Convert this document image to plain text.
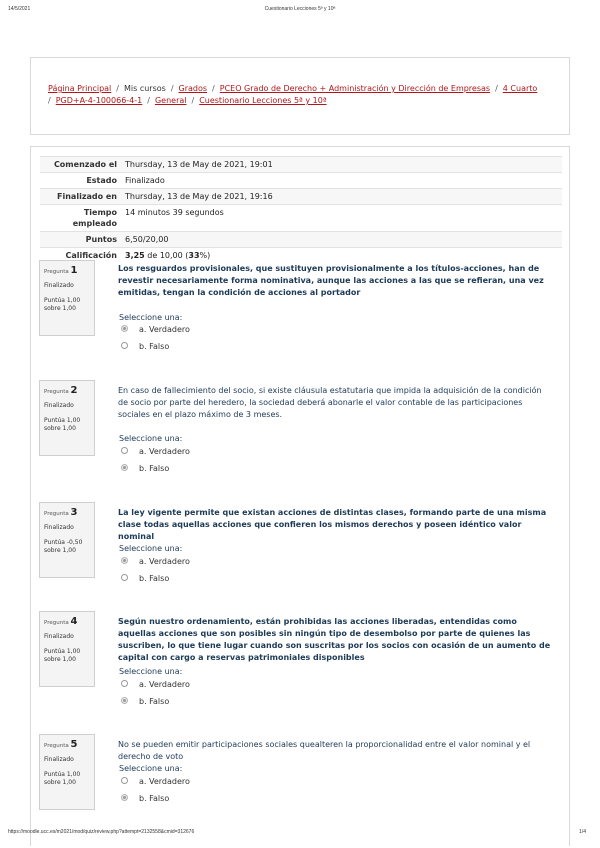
14/5/2021	Cuestionario Lecciones 5ª y 10ª
Página Principal / Mis cursos / Grados / PCEO Grado de Derecho + Administración y Dirección de Empresas / 4 Cuarto
/ PGD+A-4-100066-4-1 / General / Cuestionario Lecciones 5ª y 10ª
Comenzado el	Thursday, 13 de May de 2021, 19:01
Estado	Finalizado
Finalizado en	Thursday, 13 de May de 2021, 19:16
Tiempo
empleado	14 minutos 39 segundos
Puntos	6,50/20,00
Calificación	3,25 de 10,00 (33%)
Pregunta 1
Finalizado
Puntúa 1,00
sobre 1,00
Los resguardos provisionales, que sustituyen provisionalmente a los títulos-acciones, han de revestir necesariamente forma nominativa, aunque las acciones a las que se refieran, una vez emitidas, tengan la condición de acciones al portador
Seleccione una:
a. Verdadero
b. Falso
Pregunta 2
Finalizado
Puntúa 1,00
sobre 1,00
En caso de fallecimiento del socio, si existe cláusula estatutaria que impida la adquisición de la condición de socio por parte del heredero, la sociedad deberá abonarle el valor contable de las participaciones sociales en el plazo máximo de 3 meses.
Seleccione una:
a. Verdadero
b. Falso
Pregunta 3
Finalizado
Puntúa -0,50
sobre 1,00
La ley vigente permite que existan acciones de distintas clases, formando parte de una misma clase todas aquellas acciones que confieren los mismos derechos y poseen idéntico valor nominal
Seleccione una:
a. Verdadero
b. Falso
Pregunta 4
Finalizado
Puntúa 1,00
sobre 1,00
Según nuestro ordenamiento, están prohibidas las acciones liberadas, entendidas como aquellas acciones que son posibles sin ningún tipo de desembolso por parte de quienes las suscriben, lo que tiene lugar cuando son suscritas por los socios con ocasión de un aumento de capital con cargo a reservas patrimoniales disponibles
Seleccione una:
a. Verdadero
b. Falso
Pregunta 5
Finalizado
Puntúa 1,00
sobre 1,00
No se pueden emitir participaciones sociales quealteren la proporcionalidad entre el valor nominal y el derecho de voto
Seleccione una:
a. Verdadero
b. Falso
https://moodle.ucc.es/m2021/mod/quiz/review.php?attempt=2132558&cmid=312676	1/4
